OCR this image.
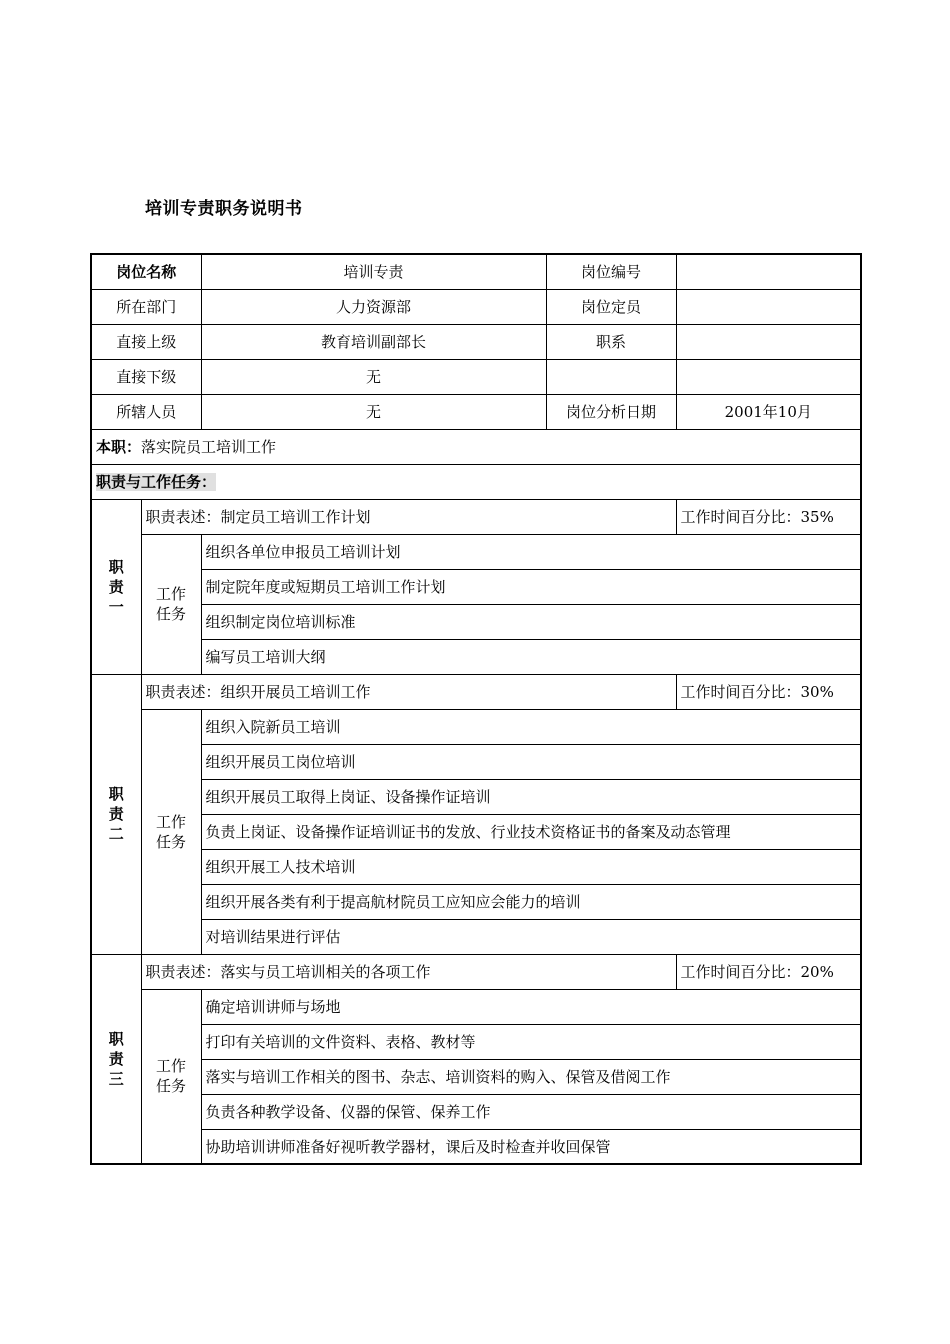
培训专责职务说明书
岗位名称		培训专责	岗位编号	
所在部门		人力资源部	岗位定员	
直接上级		教育培训副部长	职系	
直接下级		无		
所辖人员		无	岗位分析日期	2001年10月
本职：落实院员工培训工作				
职责与工作任务：				

职
责
一	职责表述：制定员工培训工作计划			工作时间百分比：35%

	工作
任务	组织各单位申报员工培训计划		
		制定院年度或短期员工培训工作计划		
		组织制定岗位培训标准		
		编写员工培训大纲		

职
责
二	职责表述：组织开展员工培训工作			工作时间百分比：30%

	工作
任务	组织入院新员工培训		
		组织开展员工岗位培训		
		组织开展员工取得上岗证、设备操作证培训		
		负责上岗证、设备操作证培训证书的发放、行业技术资格证书的备案及动态管理		
		组织开展工人技术培训		
		组织开展各类有利于提高航材院员工应知应会能力的培训		
		对培训结果进行评估		

职
责
三	职责表述：落实与员工培训相关的各项工作			工作时间百分比：20%

	工作
任务	确定培训讲师与场地		
		打印有关培训的文件资料、表格、教材等		
		落实与培训工作相关的图书、杂志、培训资料的购入、保管及借阅工作		
		负责各种教学设备、仪器的保管、保养工作		
		协助培训讲师准备好视听教学器材，课后及时检查并收回保管		
